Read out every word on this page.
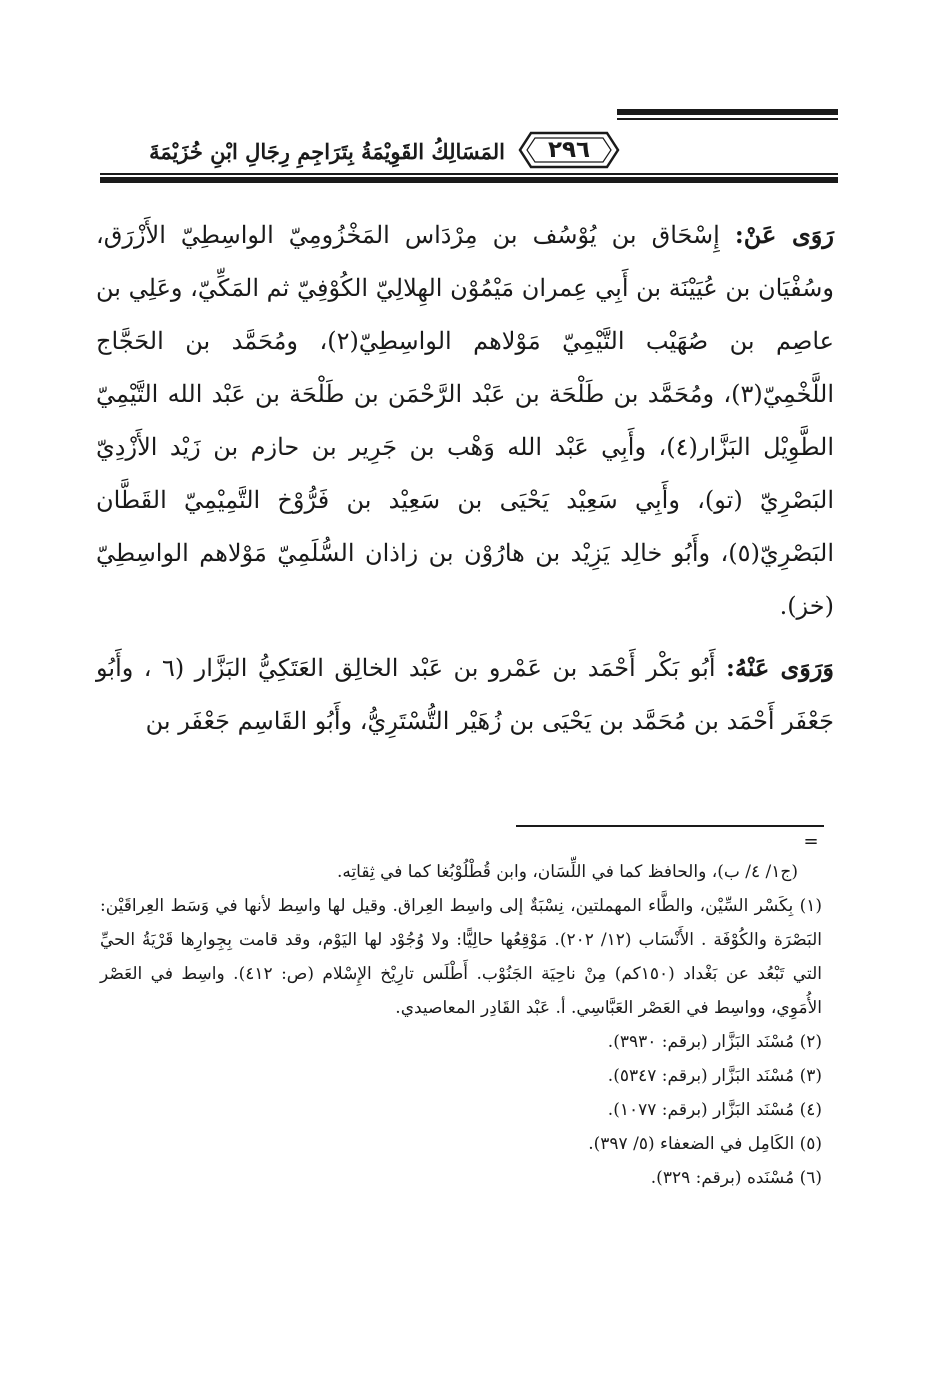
المَسَالِكُ القَوِيْمَةُ بِتَرَاجِمِ رِجَالِ ابْنِ خُزَيْمَةَ	٢٩٦

رَوَى عَنْ: إِسْحَاق بن يُوْسُف بن مِرْدَاس المَخْزُومِيّ الواسِطِيّ الأَزْرَق، وسُفْيَان بن عُيَيْنَة بن أَبِي عِمران مَيْمُوْن الهِلالِيّ الكُوْفِيّ ثم المَكِّيّ، وعَلِي بن عاصِم بن صُهَيْب التَّيْمِيّ مَوْلاهم الواسِطِيّ(٢)، ومُحَمَّد بن الحَجَّاج اللَّخْمِيّ(٣)، ومُحَمَّد بن طَلْحَة بن عَبْد الرَّحْمَن بن طَلْحَة بن عَبْد الله التَّيْمِيّ الطَّوِيْل البَزَّار(٤)، وأَبِي عَبْد الله وَهْب بن جَرِير بن حازم بن زَيْد الأَزْدِيّ البَصْرِيّ (تو)، وأَبِي سَعِيْد يَحْيَى بن سَعِيْد بن فَرُّوْخ التَّمِيْمِيّ القَطَّان البَصْرِيّ(٥)، وأَبُو خالِد يَزِيْد بن هارُوْن بن زاذان السُّلَمِيّ مَوْلاهم الواسِطِيّ (خز).

وَرَوَى عَنْهُ: أَبُو بَكْر أَحْمَد بن عَمْرو بن عَبْد الخالِق العَتَكِيُّ البَزَّار (٦ ، وأَبُو جَعْفَر أَحْمَد بن مُحَمَّد بن يَحْيَى بن زُهَيْر التُّسْتَرِيُّ، وأَبُو القَاسِم جَعْفَر بن

=

(ج١/ ٤/ ب)، والحافظ كما في اللِّسَان، وابن قُطْلُوْبُغا كما في ثِقاتِه.

(١) بِكَسْر السِّيْن، والطَّاء المهملتين، نِسْبَةٌ إلى واسِط العِراق. وقيل لها واسِط لأنها في وَسَط العِراقَيْن: البَصْرَة والكُوْفَة . الأَنْسَاب (١٢/ ٢٠٢). مَوْقِعُها حالِيًّا: ولا وُجُوْد لها اليَوْم، وقد قامت بِجِوارِها قَرْيَةُ الحيِّ التي تَبْعُد عن بَغْداد (١٥٠كم) مِنْ ناحِيَة الجَنُوْب. أَطْلَس تارِيْخ الإِسْلام (ص: ٤١٢). واسِط في العَصْر الأُمَوِي، وواسِط في العَصْر العَبَّاسِي. أ. عَبْد القَادِر المعاصيدي.

(٢) مُسْنَد البَزَّار (برقم: ٣٩٣٠).

(٣) مُسْنَد البَزَّار (برقم: ٥٣٤٧).

(٤) مُسْنَد البَزَّار (برقم: ١٠٧٧).

(٥) الكَامِل في الضعفاء (٥/ ٣٩٧).

(٦) مُسْنَده (برقم: ٣٢٩).
